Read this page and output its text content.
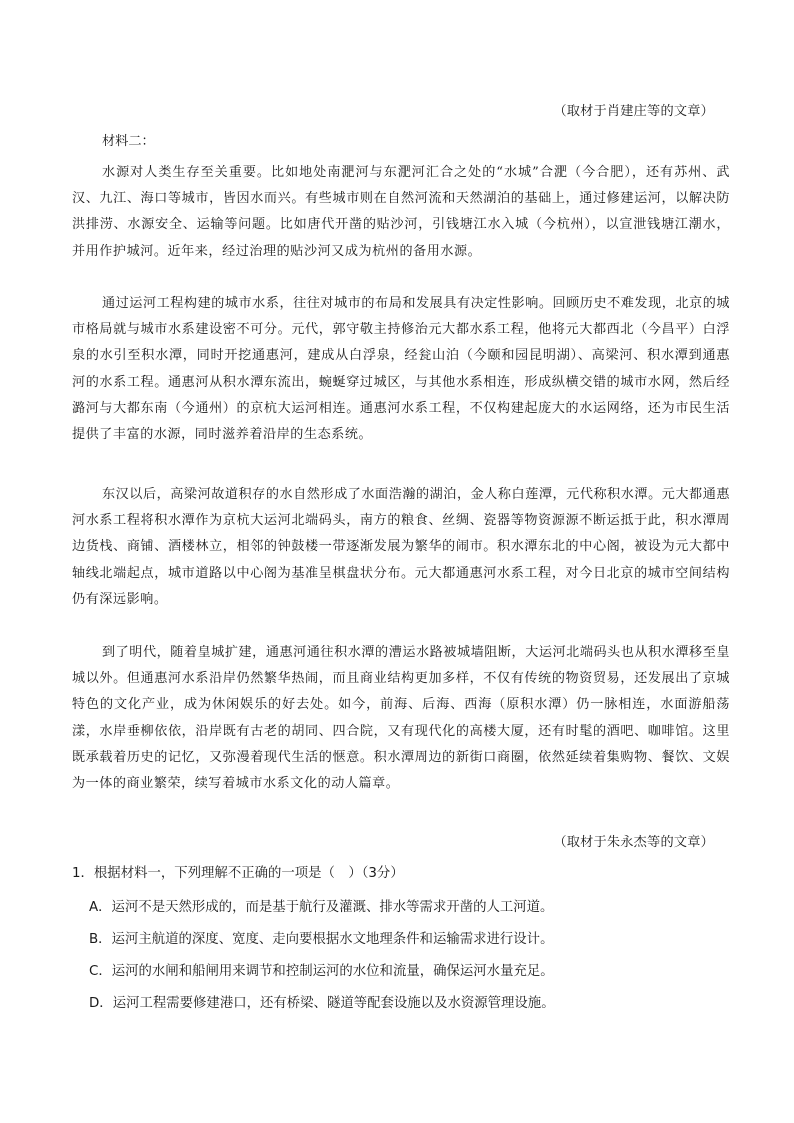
（取材于肖建庄等的文章）
材料二：

水源对人类生存至关重要。比如地处南淝河与东淝河汇合之处的“水城”合淝（今合肥），还有苏州、武汉、九江、海口等城市，皆因水而兴。有些城市则在自然河流和天然湖泊的基础上，通过修建运河，以解决防洪排涝、水源安全、运输等问题。比如唐代开凿的贴沙河，引钱塘江水入城（今杭州），以宣泄钱塘江潮水，并用作护城河。近年来，经过治理的贴沙河又成为杭州的备用水源。

通过运河工程构建的城市水系，往往对城市的布局和发展具有决定性影响。回顾历史不难发现，北京的城市格局就与城市水系建设密不可分。元代，郭守敬主持修治元大都水系工程，他将元大都西北（今昌平）白浮泉的水引至积水潭，同时开挖通惠河，建成从白浮泉，经瓮山泊（今颐和园昆明湖）、高梁河、积水潭到通惠河的水系工程。通惠河从积水潭东流出，蜿蜒穿过城区，与其他水系相连，形成纵横交错的城市水网，然后经潞河与大都东南（今通州）的京杭大运河相连。通惠河水系工程，不仅构建起庞大的水运网络，还为市民生活提供了丰富的水源，同时滋养着沿岸的生态系统。

东汉以后，高梁河故道积存的水自然形成了水面浩瀚的湖泊，金人称白莲潭，元代称积水潭。元大都通惠河水系工程将积水潭作为京杭大运河北端码头，南方的粮食、丝绸、瓷器等物资源源不断运抵于此，积水潭周边货栈、商铺、酒楼林立，相邻的钟鼓楼一带逐渐发展为繁华的闹市。积水潭东北的中心阁，被设为元大都中轴线北端起点，城市道路以中心阁为基准呈棋盘状分布。元大都通惠河水系工程，对今日北京的城市空间结构仍有深远影响。

到了明代，随着皇城扩建，通惠河通往积水潭的漕运水路被城墙阻断，大运河北端码头也从积水潭移至皇城以外。但通惠河水系沿岸仍然繁华热闹，而且商业结构更加多样，不仅有传统的物资贸易，还发展出了京城特色的文化产业，成为休闲娱乐的好去处。如今，前海、后海、西海（原积水潭）仍一脉相连，水面游船荡漾，水岸垂柳依依，沿岸既有古老的胡同、四合院，又有现代化的高楼大厦，还有时髦的酒吧、咖啡馆。这里既承载着历史的记忆，又弥漫着现代生活的惬意。积水潭周边的新街口商圈，依然延续着集购物、餐饮、文娱为一体的商业繁荣，续写着城市水系文化的动人篇章。

（取材于朱永杰等的文章）
1．根据材料一，下列理解不正确的一项是（　）（3分）
A．运河不是天然形成的，而是基于航行及灌溉、排水等需求开凿的人工河道。
B．运河主航道的深度、宽度、走向要根据水文地理条件和运输需求进行设计。
C．运河的水闸和船闸用来调节和控制运河的水位和流量，确保运河水量充足。
D．运河工程需要修建港口，还有桥梁、隧道等配套设施以及水资源管理设施。
